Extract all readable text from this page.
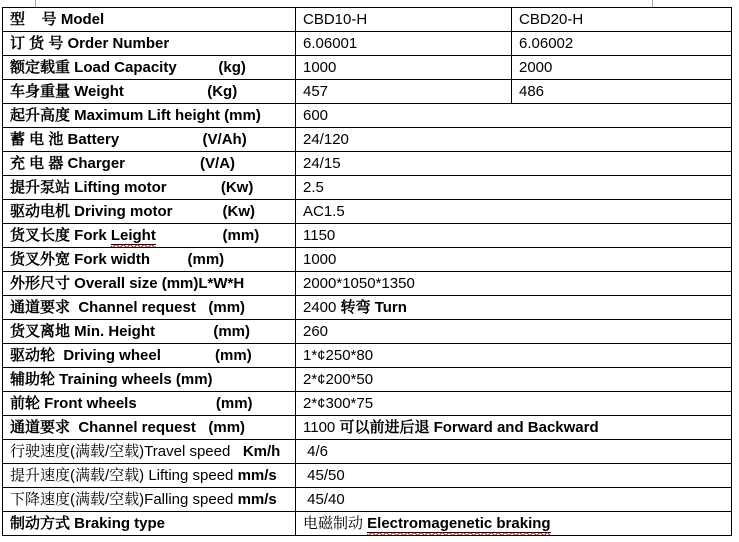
型    号 Model	CBD10-H	CBD20-H
订 货 号 Order Number	6.06001	6.06002
额定载重 Load Capacity          (kg)	1000	2000
车身重量 Weight                    (Kg)	457	486
起升高度 Maximum Lift height (mm)	600	
蓄 电 池 Battery                    (V/Ah)	24/120	
充 电 器 Charger                  (V/A)	24/15	
提升泵站 Lifting motor             (Kw)	2.5	
驱动电机 Driving motor            (Kw)	AC1.5	
货叉长度 Fork Leight                (mm)	1150	
货叉外宽 Fork width         (mm)	1000	
外形尺寸 Overall size (mm)L*W*H	2000*1050*1350	
通道要求  Channel request   (mm)	2400 转弯 Turn	
货叉离地 Min. Height              (mm)	260	
驱动轮  Driving wheel             (mm)	1*¢250*80	
辅助轮 Training wheels (mm)	2*¢200*50	
前轮 Front wheels                   (mm)	2*¢300*75	
通道要求  Channel request   (mm)	1100 可以前进后退 Forward and Backward	
行驶速度(满载/空载)Travel speed   Km/h	4/6	
提升速度(满载/空载) Lifting speed mm/s	45/50	
下降速度(满载/空载)Falling speed mm/s	45/40	
制动方式 Braking type	电磁制动 Electromagenetic braking	
